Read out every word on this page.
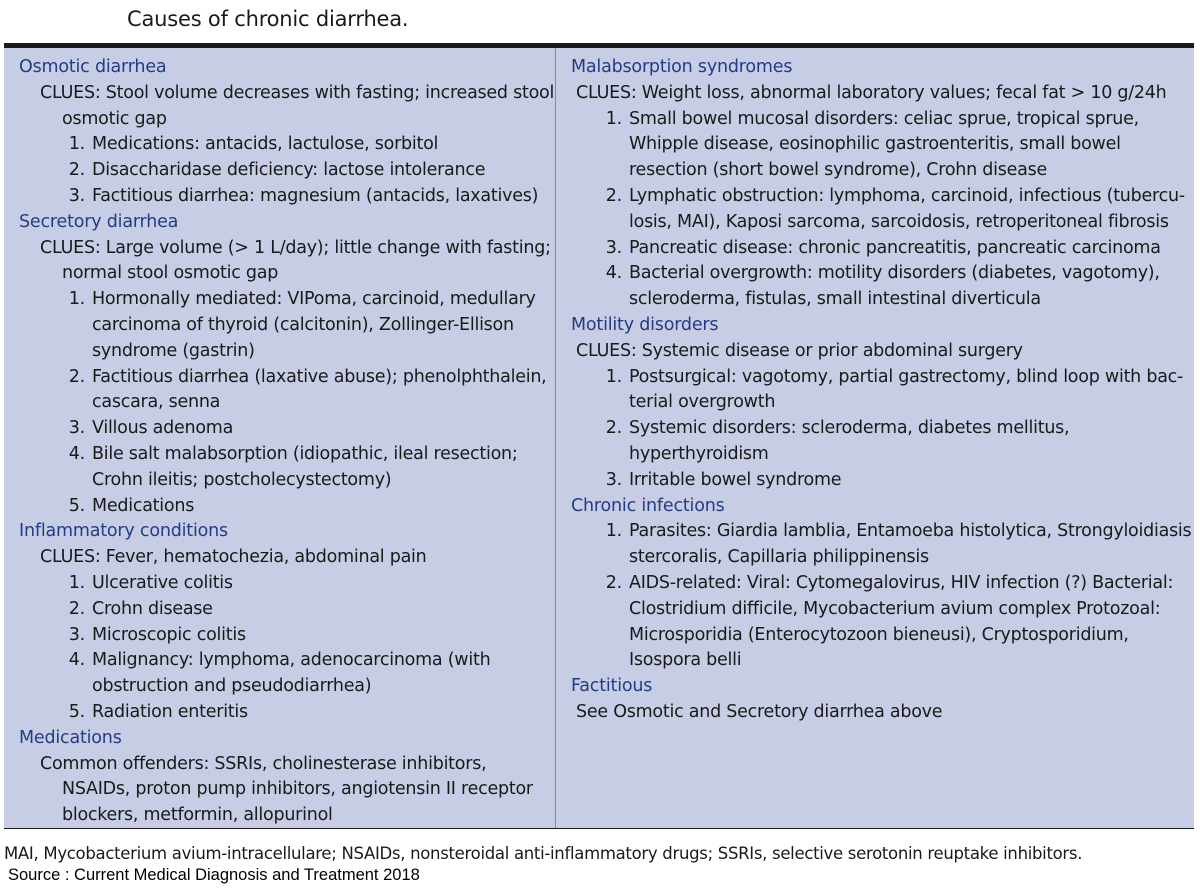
Causes of chronic diarrhea.
Osmotic diarrhea
CLUES: Stool volume decreases with fasting; increased stool osmotic gap
1. Medications: antacids, lactulose, sorbitol
2. Disaccharidase deficiency: lactose intolerance
3. Factitious diarrhea: magnesium (antacids, laxatives)
Secretory diarrhea
CLUES: Large volume (> 1 L/day); little change with fasting; normal stool osmotic gap
1. Hormonally mediated: VIPoma, carcinoid, medullary carcinoma of thyroid (calcitonin), Zollinger-Ellison syndrome (gastrin)
2. Factitious diarrhea (laxative abuse); phenolphthalein, cascara, senna
3. Villous adenoma
4. Bile salt malabsorption (idiopathic, ileal resection; Crohn ileitis; postcholecystectomy)
5. Medications
Inflammatory conditions
CLUES: Fever, hematochezia, abdominal pain
1. Ulcerative colitis
2. Crohn disease
3. Microscopic colitis
4. Malignancy: lymphoma, adenocarcinoma (with obstruction and pseudodiarrhea)
5. Radiation enteritis
Medications
Common offenders: SSRIs, cholinesterase inhibitors, NSAIDs, proton pump inhibitors, angiotensin II receptor blockers, metformin, allopurinol
Malabsorption syndromes
CLUES: Weight loss, abnormal laboratory values; fecal fat > 10 g/24h
1. Small bowel mucosal disorders: celiac sprue, tropical sprue, Whipple disease, eosinophilic gastroenteritis, small bowel resection (short bowel syndrome), Crohn disease
2. Lymphatic obstruction: lymphoma, carcinoid, infectious (tubercu-losis, MAI), Kaposi sarcoma, sarcoidosis, retroperitoneal fibrosis
3. Pancreatic disease: chronic pancreatitis, pancreatic carcinoma
4. Bacterial overgrowth: motility disorders (diabetes, vagotomy), scleroderma, fistulas, small intestinal diverticula
Motility disorders
CLUES: Systemic disease or prior abdominal surgery
1. Postsurgical: vagotomy, partial gastrectomy, blind loop with bac-terial overgrowth
2. Systemic disorders: scleroderma, diabetes mellitus, hyperthyroidism
3. Irritable bowel syndrome
Chronic infections
1. Parasites: Giardia lamblia, Entamoeba histolytica, Strongyloidiasis stercoralis, Capillaria philippinensis
2. AIDS-related: Viral: Cytomegalovirus, HIV infection (?) Bacterial: Clostridium difficile, Mycobacterium avium complex Protozoal: Microsporidia (Enterocytozoon bieneusi), Cryptosporidium, Isospora belli
Factitious
See Osmotic and Secretory diarrhea above
MAI, Mycobacterium avium-intracellulare; NSAIDs, nonsteroidal anti-inflammatory drugs; SSRIs, selective serotonin reuptake inhibitors.
Source : Current Medical Diagnosis and Treatment 2018
